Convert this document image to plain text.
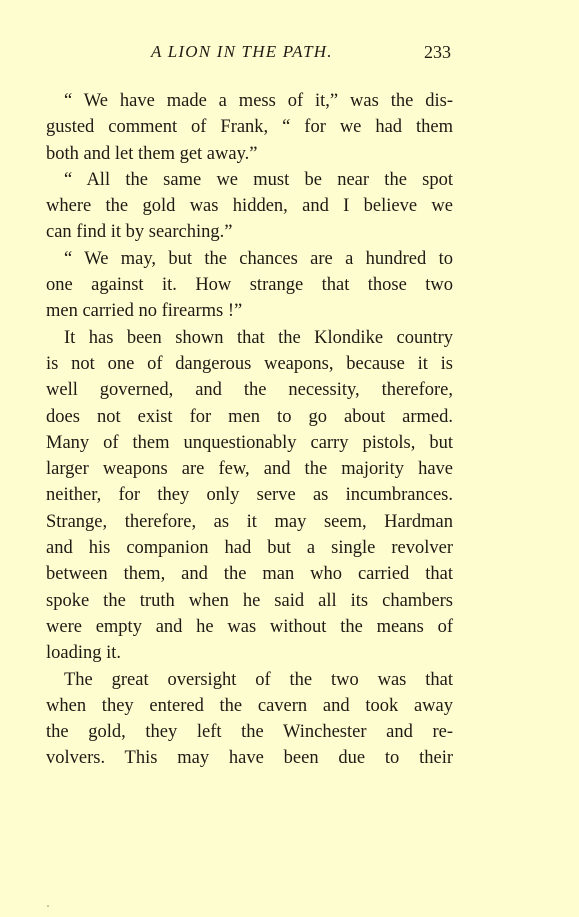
A LION IN THE PATH.	233
“ We have made a mess of it,” was the dis-
gusted comment of Frank, “ for we had them
both and let them get away.”
“ All the same we must be near the spot
where the gold was hidden, and I believe we
can find it by searching.”
“ We may, but the chances are a hundred to
one against it. How strange that those two
men carried no firearms !”
It has been shown that the Klondike country
is not one of dangerous weapons, because it is
well governed, and the necessity, therefore,
does not exist for men to go about armed.
Many of them unquestionably carry pistols, but
larger weapons are few, and the majority have
neither, for they only serve as incumbrances.
Strange, therefore, as it may seem, Hardman
and his companion had but a single revolver
between them, and the man who carried that
spoke the truth when he said all its chambers
were empty and he was without the means of
loading it.
The great oversight of the two was that
when they entered the cavern and took away
the gold, they left the Winchester and re-
volvers. This may have been due to their
